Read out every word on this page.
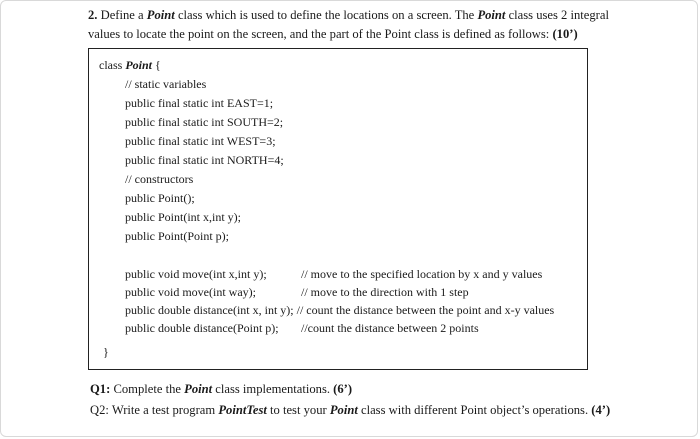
2. Define a Point class which is used to define the locations on a screen. The Point class uses 2 integral values to locate the point on the screen, and the part of the Point class is defined as follows: (10’)
class Point {
// static variables
public final static int EAST=1;
public final static int SOUTH=2;
public final static int WEST=3;
public final static int NORTH=4;
// constructors
public Point();
public Point(int x,int y);
public Point(Point p);
public void move(int x,int y);	// move to the specified location by x and y values
public void move(int way);	// move to the direction with 1 step
public double distance(int x, int y); // count the distance between the point and x-y values
public double distance(Point p); //count the distance between 2 points
}
Q1: Complete the Point class implementations. (6’)
Q2: Write a test program PointTest to test your Point class with different Point object’s operations. (4’)
